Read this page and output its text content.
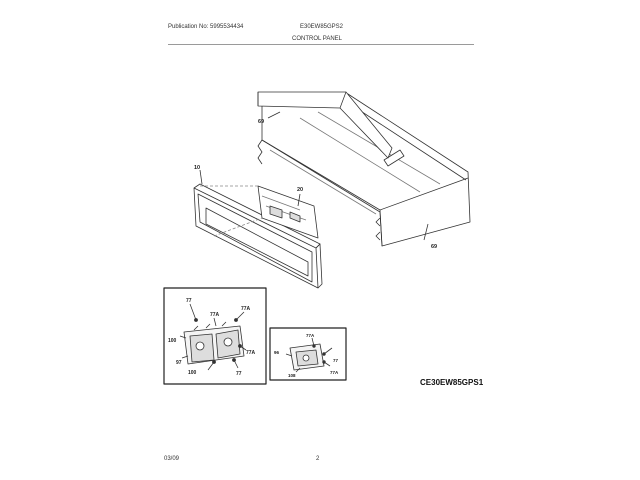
Publication No: 5995534434	E30EW85GPS2
CONTROL PANEL
69
10
20
69
77
77A
77A
100
77A
97
100	77
77A
96
77
108
77A
CE30EW85GPS1
03/09	2
